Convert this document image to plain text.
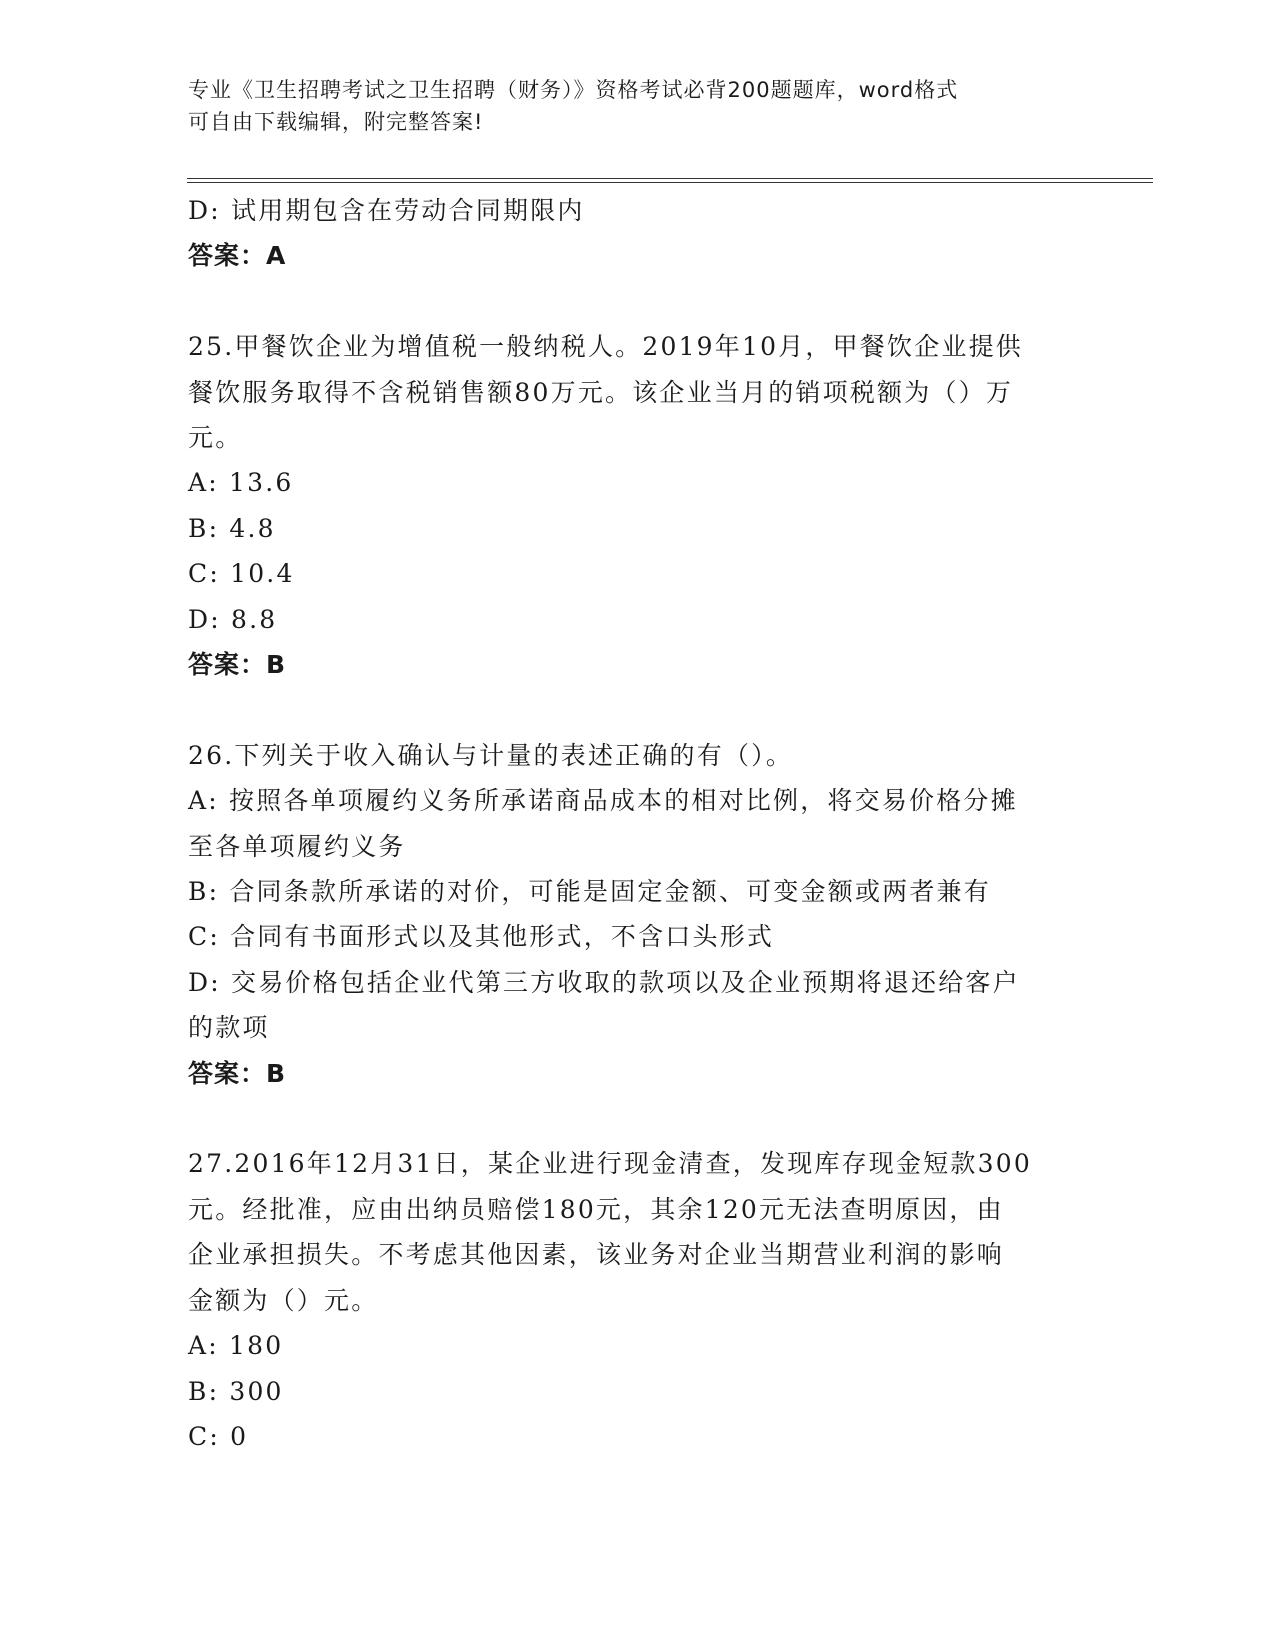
专业《卫生招聘考试之卫生招聘（财务）》资格考试必背200题题库，word格式
可自由下载编辑，附完整答案!
D: 试用期包含在劳动合同期限内
答案：A
25.甲餐饮企业为增值税一般纳税人。2019年10月，甲餐饮企业提供
餐饮服务取得不含税销售额80万元。该企业当月的销项税额为（）万
元。
A: 13.6
B: 4.8
C: 10.4
D: 8.8
答案：B
26.下列关于收入确认与计量的表述正确的有（）。
A: 按照各单项履约义务所承诺商品成本的相对比例，将交易价格分摊
至各单项履约义务
B: 合同条款所承诺的对价，可能是固定金额、可变金额或两者兼有
C: 合同有书面形式以及其他形式，不含口头形式
D: 交易价格包括企业代第三方收取的款项以及企业预期将退还给客户
的款项
答案：B
27.2016年12月31日，某企业进行现金清查，发现库存现金短款300
元。经批准，应由出纳员赔偿180元，其余120元无法查明原因，由
企业承担损失。不考虑其他因素，该业务对企业当期营业利润的影响
金额为（）元。
A: 180
B: 300
C: 0
